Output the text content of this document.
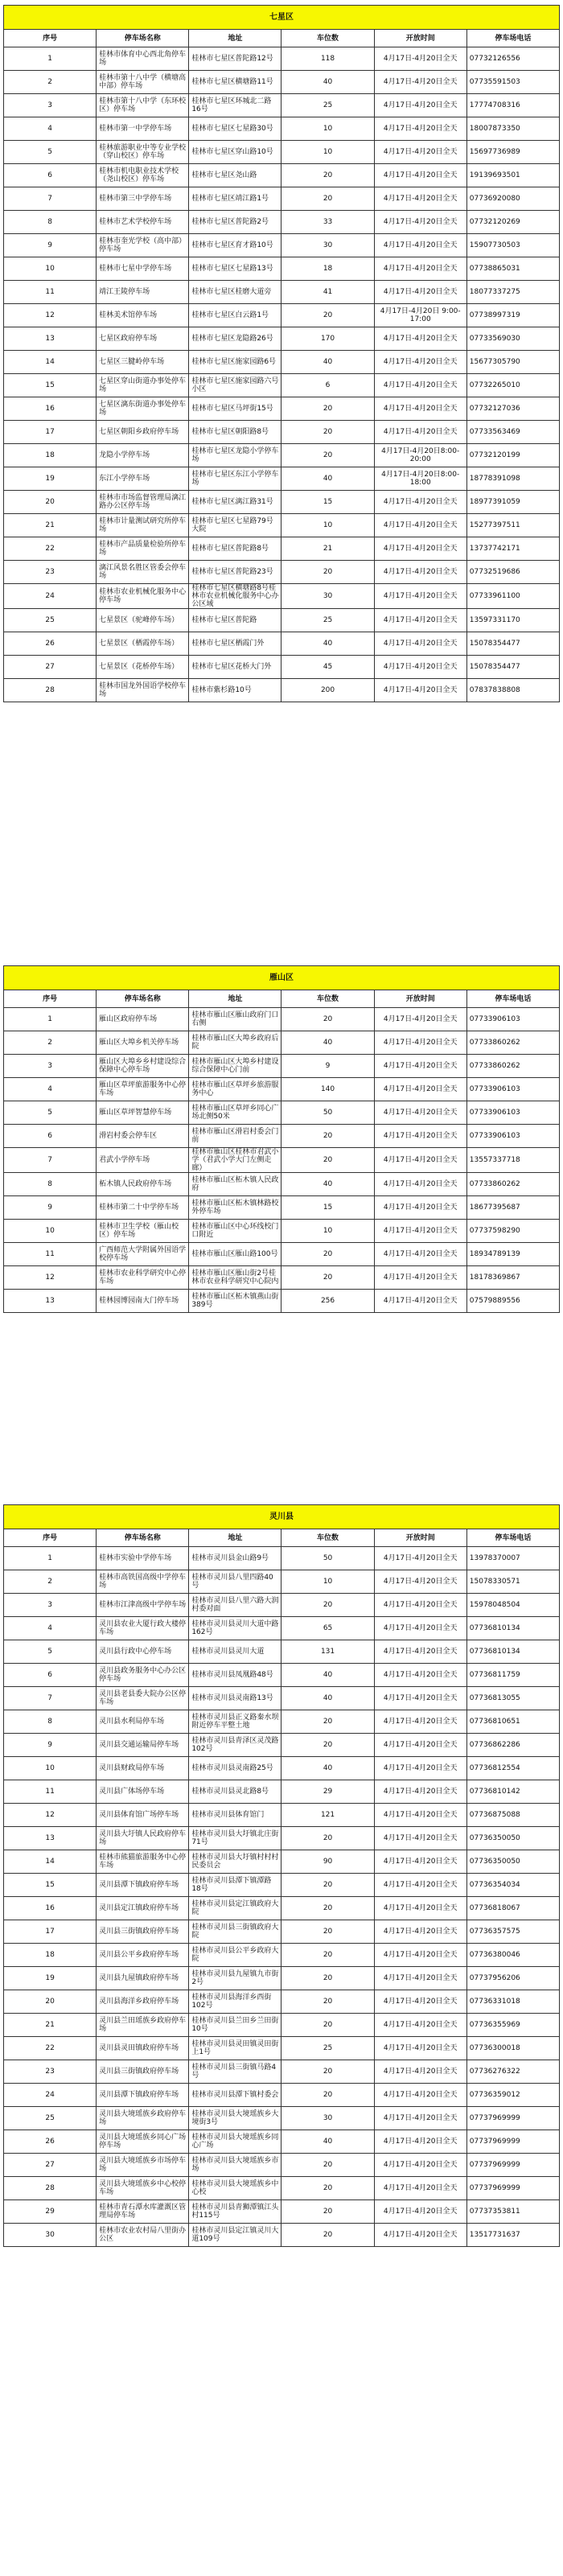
七星区					
序号	停车场名称	地址	车位数	开放时间	停车场电话
1	桂林市体育中心西北角停车场	桂林市七星区普陀路12号	118	4月17日-4月20日全天	07732126556
2	桂林市第十八中学（横塘高中部）停车场	桂林市七星区横塘路11号	40	4月17日-4月20日全天	07735591503
3	桂林市第十八中学（东环校区）停车场	桂林市七星区环城北二路16号	25	4月17日-4月20日全天	17774708316
4	桂林市第一中学停车场	桂林市七星区七星路30号	10	4月17日-4月20日全天	18007873350
5	桂林旅游职业中等专业学校（穿山校区）停车场	桂林市七星区穿山路10号	10	4月17日-4月20日全天	15697736989
6	桂林市机电职业技术学校（尧山校区）停车场	桂林市七星区尧山路	20	4月17日-4月20日全天	19139693501
7	桂林市第三中学停车场	桂林市七星区靖江路1号	20	4月17日-4月20日全天	07736920080
8	桂林市艺术学校停车场	桂林市七星区普陀路2号	33	4月17日-4月20日全天	07732120269
9	桂林市奎光学校（高中部）停车场	桂林市七星区育才路10号	30	4月17日-4月20日全天	15907730503
10	桂林市七星中学停车场	桂林市七星区七星路13号	18	4月17日-4月20日全天	07738865031
11	靖江王陵停车场	桂林市七星区桂磨大道旁	41	4月17日-4月20日全天	18077337275
12	桂林美术馆停车场	桂林市七星区白云路1号	20	4月17日-4月20日 9:00-17:00	07738997319
13	七星区政府停车场	桂林市七星区龙隐路26号	170	4月17日-4月20日全天	07733569030
14	七星区三腱岭停车场	桂林市七星区施家园路6号	40	4月17日-4月20日全天	15677305790
15	七星区穿山街道办事处停车场	桂林市七星区施家园路六号小区	6	4月17日-4月20日全天	07732265010
16	七星区漓东街道办事处停车场	桂林市七星区马坪街15号	20	4月17日-4月20日全天	07732127036
17	七星区朝阳乡政府停车场	桂林市七星区朝阳路8号	20	4月17日-4月20日全天	07733563469
18	龙隐小学停车场	桂林市七星区龙隐小学停车场	20	4月17日-4月20日8:00-20:00	07732120199
19	东江小学停车场	桂林市七星区东江小学停车场	40	4月17日-4月20日8:00-18:00	18778391098
20	桂林市市场监督管理局漓江路办公区停车场	桂林市七星区漓江路31号	15	4月17日-4月20日全天	18977391059
21	桂林市计量测试研究所停车场	桂林市七星区七星路79号大院	10	4月17日-4月20日全天	15277397511
22	桂林市产品质量检验所停车场	桂林市七星区普陀路8号	21	4月17日-4月20日全天	13737742171
23	漓江风景名胜区管委会停车场	桂林市七星区普陀路23号	20	4月17日-4月20日全天	07732519686
24	桂林市农业机械化服务中心停车场	桂林市七星区横塘路8号桂林市农业机械化服务中心办公区域	30	4月17日-4月20日全天	07733961100
25	七星景区（驼峰停车场）	桂林市七星区普陀路	25	4月17日-4月20日全天	13597331170
26	七星景区（栖霞停车场）	桂林市七星区栖霞门外	40	4月17日-4月20日全天	15078354477
27	七星景区（花桥停车场）	桂林市七星区花桥大门外	45	4月17日-4月20日全天	15078354477
28	桂林市国龙外国语学校停车场	桂林市紫杉路10号	200	4月17日-4月20日全天	07837838808
雁山区					
序号	停车场名称	地址	车位数	开放时间	停车场电话
1	雁山区政府停车场	桂林市雁山区雁山政府门口右侧	20	4月17日-4月20日全天	07733906103
2	雁山区大埠乡机关停车场	桂林市雁山区大埠乡政府后院	40	4月17日-4月20日全天	07733860262
3	雁山区大埠乡乡村建设综合保障中心停车场	桂林市雁山区大埠乡村建设综合保障中心门前	9	4月17日-4月20日全天	07733860262
4	雁山区草坪旅游服务中心停车场	桂林市雁山区草坪乡旅游服务中心	140	4月17日-4月20日全天	07733906103
5	雁山区草坪智慧停车场	桂林市雁山区草坪乡同心广场北侧50米	50	4月17日-4月20日全天	07733906103
6	滑岩村委会停车区	桂林市雁山区滑岩村委会门前	20	4月17日-4月20日全天	07733906103
7	君武小学停车场	桂林市雁山区桂林市君武小学（君武小学大门左侧走廊）	20	4月17日-4月20日全天	13557337718
8	柘木镇人民政府停车场	桂林市雁山区柘木镇人民政府	40	4月17日-4月20日全天	07733860262
9	桂林市第二十中学停车场	桂林市雁山区柘木镇林路校外停车场	15	4月17日-4月20日全天	18677395687
10	桂林市卫生学校（雁山校区）停车场	桂林市雁山区中心环线校门口附近	10	4月17日-4月20日全天	07737598290
11	广西师范大学附属外国语学校停车场	桂林市雁山区雁山路100号	20	4月17日-4月20日全天	18934789139
12	桂林市农业科学研究中心停车场	桂林市雁山区雁山街2号桂林市农业科学研究中心院内	20	4月17日-4月20日全天	18178369867
13	桂林园博园南大门停车场	桂林市雁山区柘木镇燕山街389号	256	4月17日-4月20日全天	07579889556
灵川县					
序号	停车场名称	地址	车位数	开放时间	停车场电话
1	桂林市实验中学停车场	桂林市灵川县金山路9号	50	4月17日-4月20日全天	13978370007
2	桂林市高铁国高级中学停车场	桂林市灵川县八里四路40号	10	4月17日-4月20日全天	15078330571
3	桂林市江津高级中学停车场	桂林市灵川县八里六路大润村委对面	20	4月17日-4月20日全天	15978048504
4	灵川县农业大厦行政大楼停车场	桂林市灵川县灵川大道中路162号	65	4月17日-4月20日全天	07736810134
5	灵川县行政中心停车场	桂林市灵川县灵川大道	131	4月17日-4月20日全天	07736810134
6	灵川县政务服务中心办公区停车场	桂林市灵川县凤凰路48号	40	4月17日-4月20日全天	07736811759
7	灵川县老县委大院办公区停车场	桂林市灵川县灵南路13号	40	4月17日-4月20日全天	07736813055
8	灵川县水利局停车场	桂林市灵川县正义路秦水坝附近停车平整土地	20	4月17日-4月20日全天	07736810651
9	灵川县交通运输局停车场	桂林市灵川县青泽区灵茂路102号	20	4月17日-4月20日全天	07736862286
10	灵川县财政局停车场	桂林市灵川县灵南路25号	40	4月17日-4月20日全天	07736812554
11	灵川县广体场停车场	桂林市灵川县灵北路8号	29	4月17日-4月20日全天	07736810142
12	灵川县体育馆广场停车场	桂林市灵川县体育馆门	121	4月17日-4月20日全天	07736875088
13	灵川县大圩镇人民政府停车场	桂林市灵川县大圩镇北庄街71号	20	4月17日-4月20日全天	07736350050
14	桂林市熊猫旅游服务中心停车场	桂林市灵川县大圩镇村村村民委员会	90	4月17日-4月20日全天	07736350050
15	灵川县潭下镇政府停车场	桂林市灵川县潭下镇潭路18号	20	4月17日-4月20日全天	07736354034
16	灵川县定江镇政府停车场	桂林市灵川县定江镇政府大院	20	4月17日-4月20日全天	07736818067
17	灵川县三街镇政府停车场	桂林市灵川县三街镇政府大院	20	4月17日-4月20日全天	07736357575
18	灵川县公平乡政府停车场	桂林市灵川县公平乡政府大院	20	4月17日-4月20日全天	07736380046
19	灵川县九屋镇政府停车场	桂林市灵川县九屋镇九市街2号	20	4月17日-4月20日全天	07737956206
20	灵川县海洋乡政府停车场	桂林市灵川县海洋乡西街102号	20	4月17日-4月20日全天	07736331018
21	灵川县兰田瑶族乡政府停车场	桂林市灵川县兰田乡兰田街10号	20	4月17日-4月20日全天	07736355969
22	灵川县灵田镇政府停车场	桂林市灵川县灵田镇灵田街上1号	25	4月17日-4月20日全天	07736300018
23	灵川县三街镇政府停车场	桂林市灵川县三街镇马路4号	20	4月17日-4月20日全天	07736276322
24	灵川县潭下镇政府停车场	桂林市灵川县潭下镇村委会	20	4月17日-4月20日全天	07736359012
25	灵川县大境瑶族乡政府停车场	桂林市灵川县大境瑶族乡大境街3号	30	4月17日-4月20日全天	07737969999
26	灵川县大境瑶族乡同心广场停车场	桂林市灵川县大境瑶族乡同心广场	40	4月17日-4月20日全天	07737969999
27	灵川县大境瑶族乡市场停车场	桂林市灵川县大境瑶族乡市场	20	4月17日-4月20日全天	07737969999
28	灵川县大境瑶族乡中心校停车场	桂林市灵川县大境瑶族乡中心校	20	4月17日-4月20日全天	07737969999
29	桂林市青石潭水库灌溉区管理局停车场	桂林市灵川县青狮潭镇江头村115号	20	4月17日-4月20日全天	07737353811
30	桂林市农业农村局八里街办公区	桂林市灵川县定江镇灵川大道109号	20	4月17日-4月20日全天	13517731637
